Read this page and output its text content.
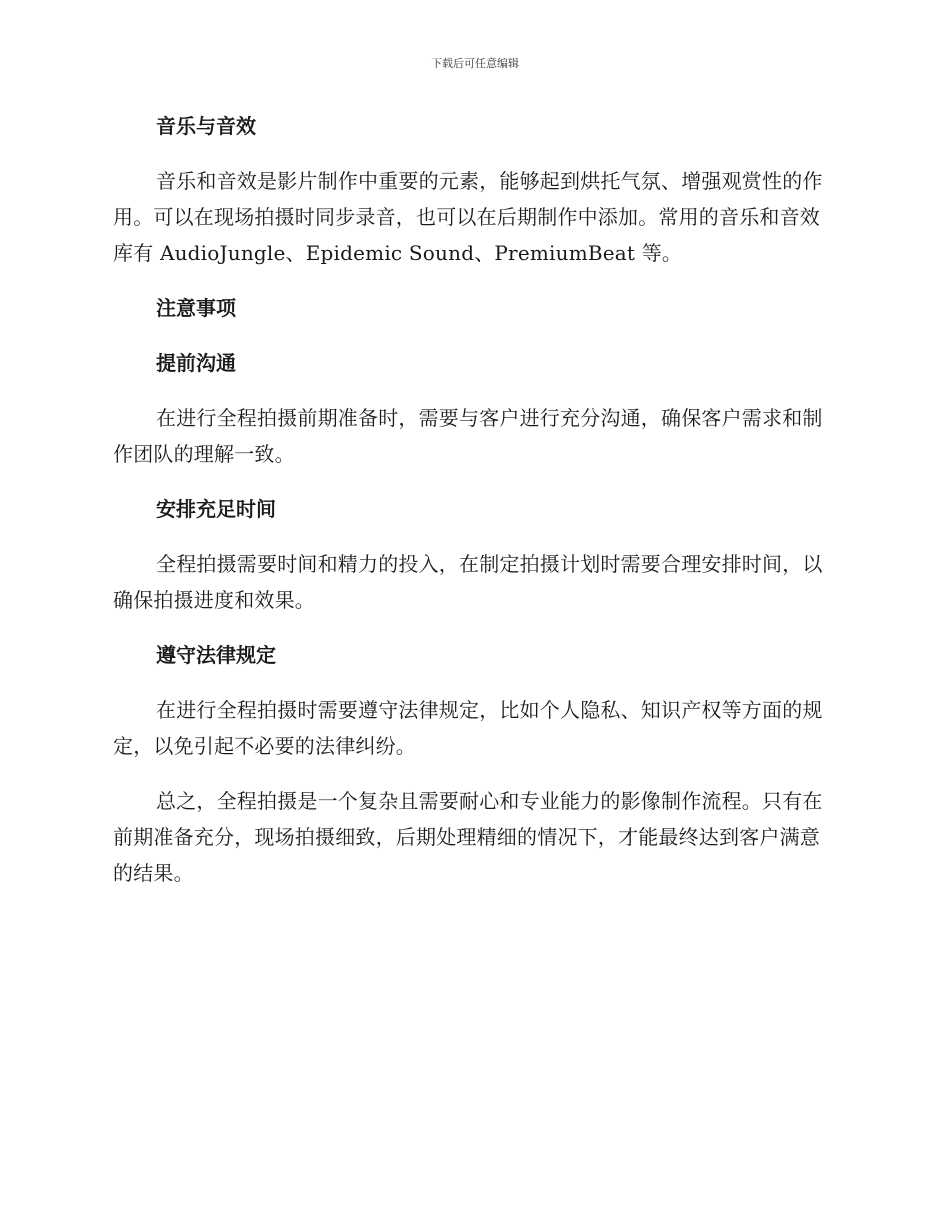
下载后可任意编辑
音乐与音效

音乐和音效是影片制作中重要的元素，能够起到烘托气氛、增强观赏性的作用。可以在现场拍摄时同步录音，也可以在后期制作中添加。常用的音乐和音效库有 AudioJungle、Epidemic Sound、PremiumBeat 等。

注意事项
提前沟通

在进行全程拍摄前期准备时，需要与客户进行充分沟通，确保客户需求和制作团队的理解一致。

安排充足时间

全程拍摄需要时间和精力的投入，在制定拍摄计划时需要合理安排时间，以确保拍摄进度和效果。

遵守法律规定

在进行全程拍摄时需要遵守法律规定，比如个人隐私、知识产权等方面的规定，以免引起不必要的法律纠纷。

总之，全程拍摄是一个复杂且需要耐心和专业能力的影像制作流程。只有在前期准备充分，现场拍摄细致，后期处理精细的情况下，才能最终达到客户满意的结果。
